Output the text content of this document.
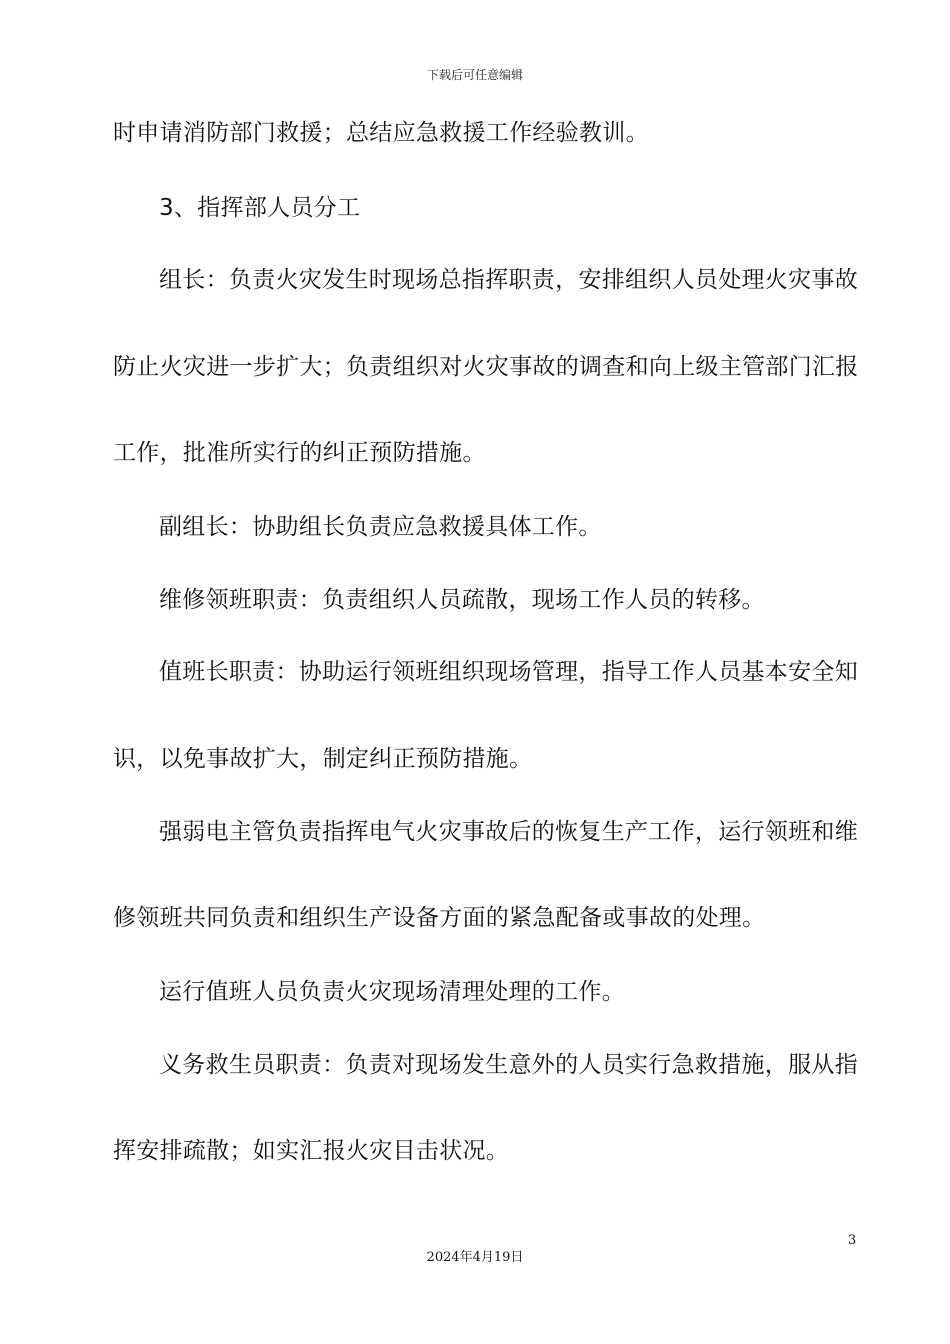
下载后可任意编辑
时申请消防部门救援；总结应急救援工作经验教训。
3、指挥部人员分工
组长：负责火灾发生时现场总指挥职责，安排组织人员处理火灾事故
防止火灾进一步扩大；负责组织对火灾事故的调查和向上级主管部门汇报
工作，批准所实行的纠正预防措施。
副组长：协助组长负责应急救援具体工作。
维修领班职责：负责组织人员疏散，现场工作人员的转移。
值班长职责：协助运行领班组织现场管理，指导工作人员基本安全知
识，以免事故扩大，制定纠正预防措施。
强弱电主管负责指挥电气火灾事故后的恢复生产工作，运行领班和维
修领班共同负责和组织生产设备方面的紧急配备或事故的处理。
运行值班人员负责火灾现场清理处理的工作。
义务救生员职责：负责对现场发生意外的人员实行急救措施，服从指
挥安排疏散；如实汇报火灾目击状况。
3
2024年4月19日
